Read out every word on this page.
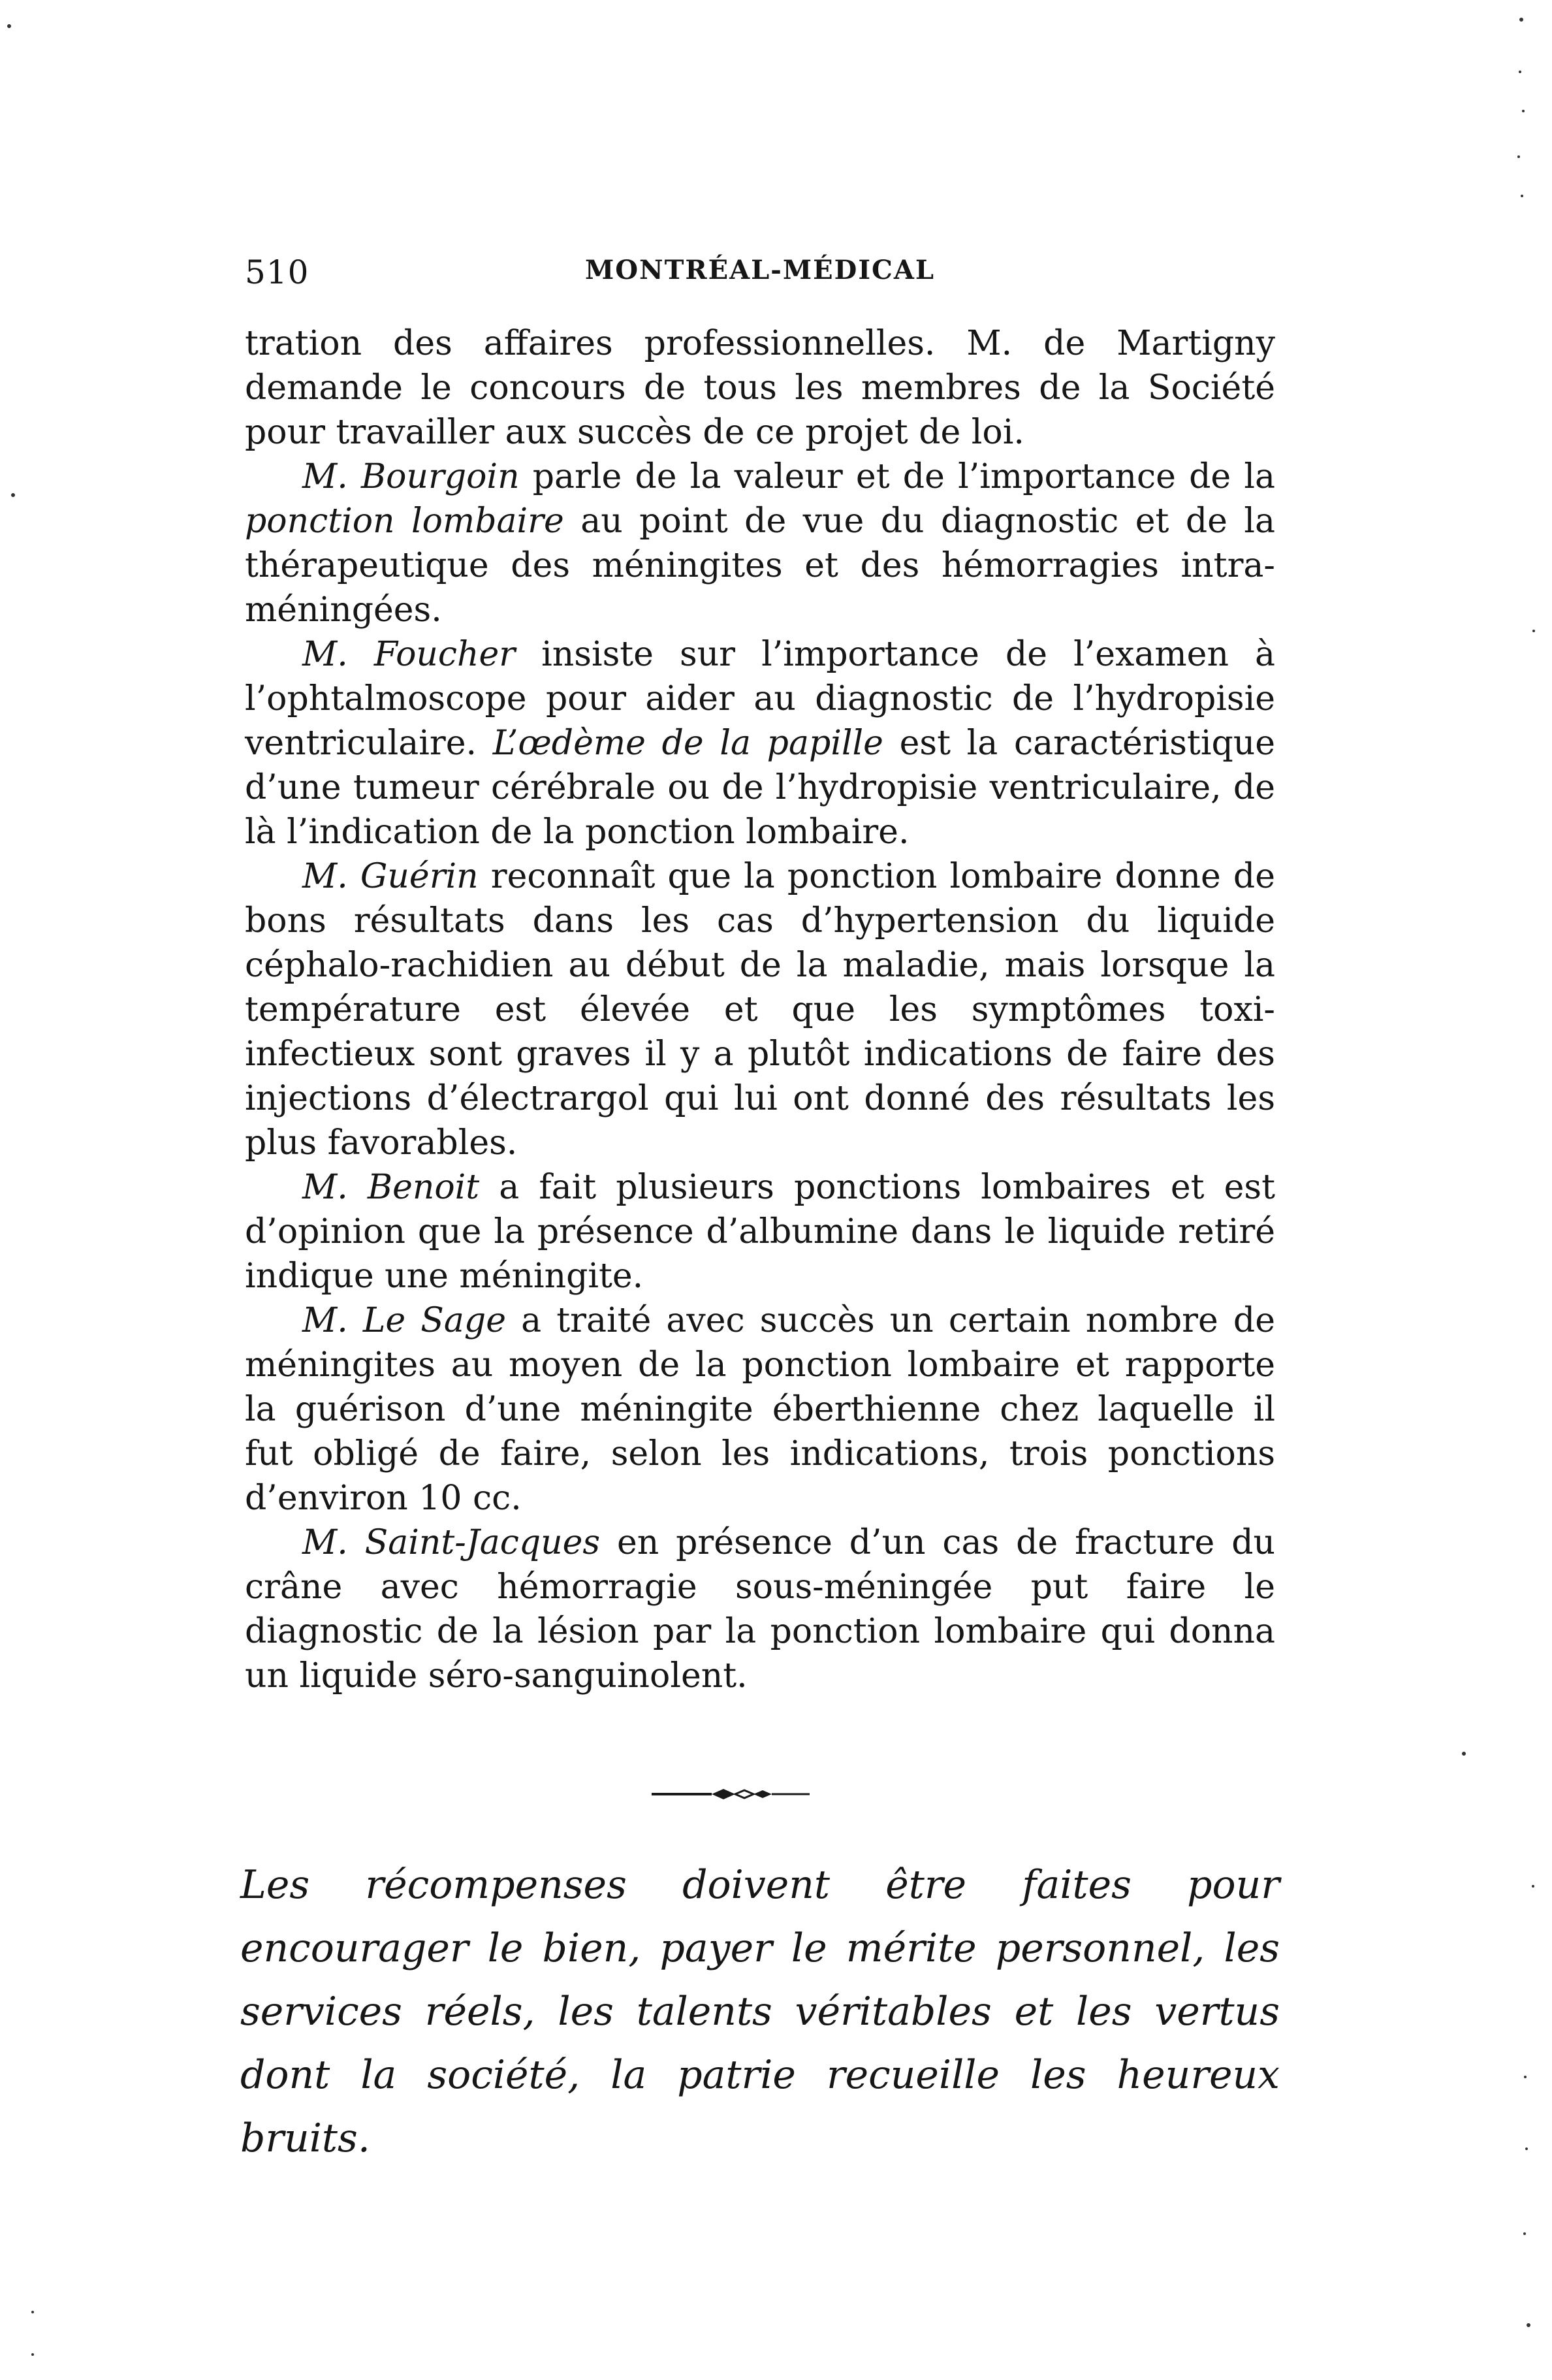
510	MONTRÉAL-MÉDICAL

tration des affaires professionnelles. M. de Martigny demande le concours de tous les membres de la Société pour travailler aux succès de ce projet de loi.

M. Bourgoin parle de la valeur et de l’importance de la ponction lombaire au point de vue du diagnostic et de la thérapeutique des méningites et des hémorragies intra-méningées.

M. Foucher insiste sur l’importance de l’examen à l’ophtalmoscope pour aider au diagnostic de l’hydropisie ventriculaire. L’œdème de la papille est la caractéristique d’une tumeur cérébrale ou de l’hydropisie ventriculaire, de là l’indication de la ponction lombaire.

M. Guérin reconnaît que la ponction lombaire donne de bons résultats dans les cas d’hypertension du liquide céphalo-rachidien au début de la maladie, mais lorsque la température est élevée et que les symptômes toxi-infectieux sont graves il y a plutôt indications de faire des injections d’électrargol qui lui ont donné des résultats les plus favorables.

M. Benoit a fait plusieurs ponctions lombaires et est d’opinion que la présence d’albumine dans le liquide retiré indique une méningite.

M. Le Sage a traité avec succès un certain nombre de méningites au moyen de la ponction lombaire et rapporte la guérison d’une méningite éberthienne chez laquelle il fut obligé de faire, selon les indications, trois ponctions d’environ 10 cc.

M. Saint-Jacques en présence d’un cas de fracture du crâne avec hémorragie sous-méningée put faire le diagnostic de la lésion par la ponction lombaire qui donna un liquide séro-sanguinolent.

Les récompenses doivent être faites pour encourager le bien, payer le mérite personnel, les services réels, les talents véritables et les vertus dont la société, la patrie recueille les heureux bruits.
